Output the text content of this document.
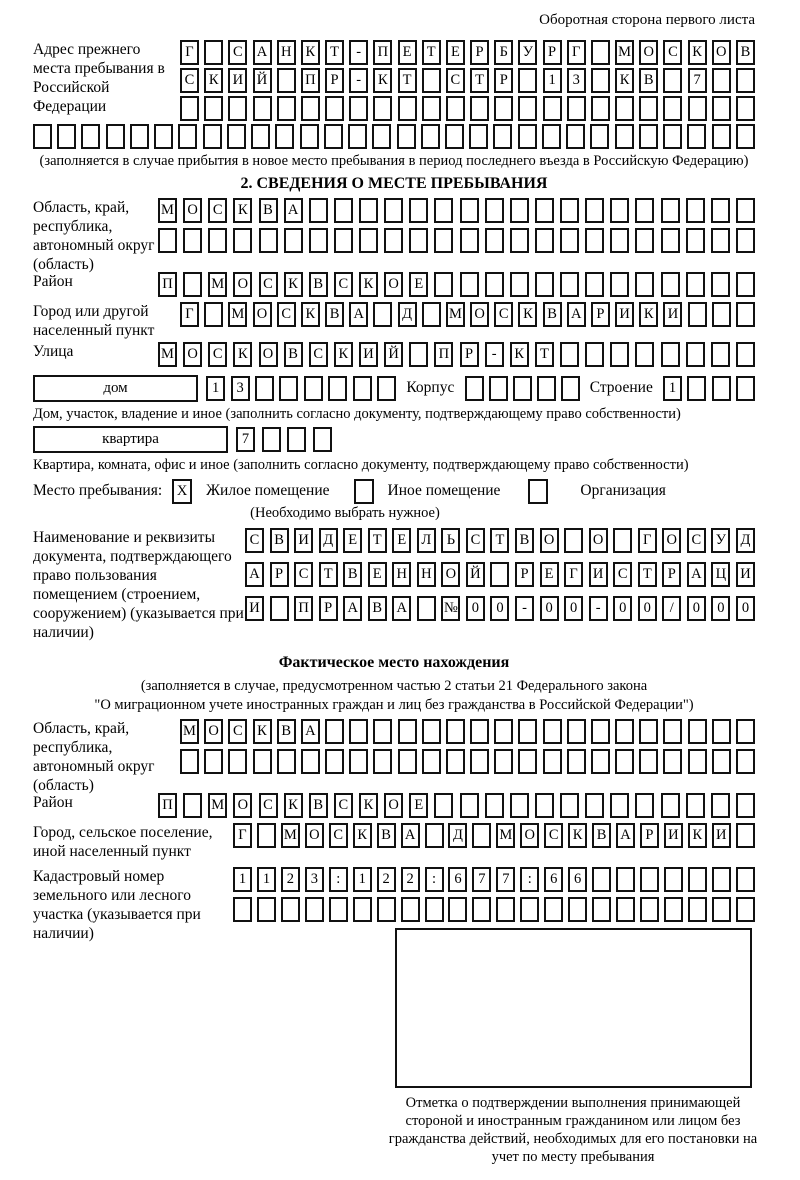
Оборотная сторона первого листа
Адрес прежнего места пребывания в Российской Федерации
Г	С А Н К	Т	-	П	Е	Т	Е	Р	Б	У	Р	Г	М О С	К О В
С	К И Й	П	Р	-	К	Т	С	Т	Р	1	3	К	В	7
(заполняется в случае прибытия в новое место пребывания в период последнего въезда в Российскую Федерацию)
2. СВЕДЕНИЯ О МЕСТЕ ПРЕБЫВАНИЯ
Область, край, республика, автономный округ (область)
М О	С	К	В	А
Район	П	М О	С	К	В	С	К	О	Е
Город или другой населенный пункт
Г	М О С	К	В А	Д	М О С	К	В А	Р	И К И
Улица	М О	С	К	О	В	С	К	И Й	П	Р	-	К	Т
дом	1	3	Корпус	Строение	1
Дом, участок, владение и иное (заполнить согласно документу, подтверждающему право собственности)
квартира	7
Квартира, комната, офис и иное (заполнить согласно документу, подтверждающему право собственности)
Место пребывания:	X	Жилое помещение	Иное помещение	Организация
(Необходимо выбрать нужное)
Наименование и реквизиты документа, подтверждающего право пользования помещением (строением, сооружением) (указывается при наличии)
С	В И Д	Е	Т	Е	Л	Ь	С	Т	В О	О	Г	О С	У Д
А	Р	С	Т	В	Е	Н Н О Й	Р	Е	Г	И С	Т	Р	А Ц И
И	П	Р	А В А	№ 0	0	-	0	0	-	0	0	/	0	0	0
Фактическое место нахождения
(заполняется в случае, предусмотренном частью 2 статьи 21 Федерального закона
"О миграционном учете иностранных граждан и лиц без гражданства в Российской Федерации")
Область, край, республика, автономный округ (область)
М О С	К	В А
Район	П	М О	С	К	В	С	К	О	Е
Город, сельское поселение, иной населенный пункт
Г	М О С К В А	Д	М О С К В А	Р	И К И
Кадастровый номер земельного или лесного участка (указывается при наличии)
1	1	2	3	:	1	2	2	:	6	7	7	:	6	6
Отметка о подтверждении выполнения принимающей стороной и иностранным гражданином или лицом без гражданства действий, необходимых для его постановки на учет по месту пребывания
